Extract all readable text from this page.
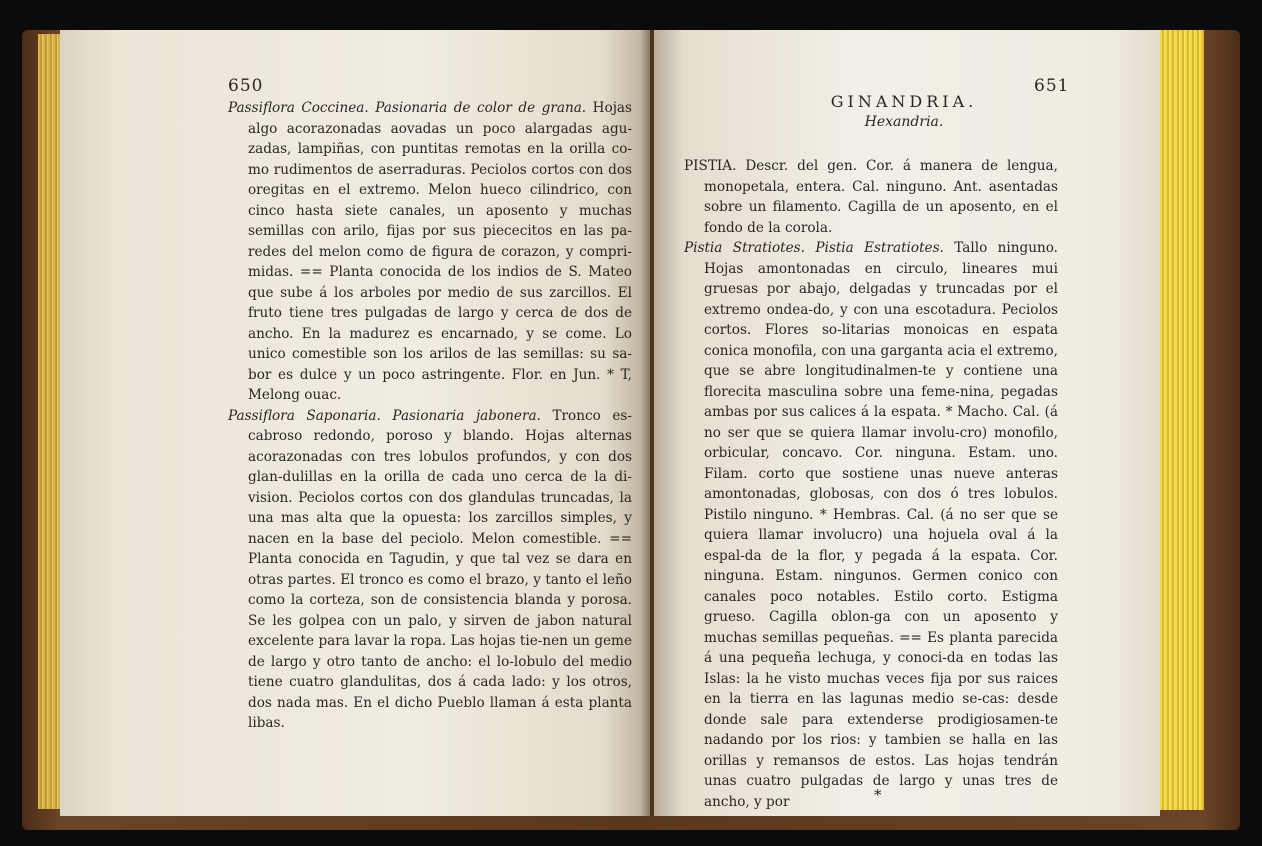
650

Passiflora Coccinea. Pasionaria de color de grana. Hojas algo acorazonadas aovadas un poco alargadas agu-zadas, lampiñas, con puntitas remotas en la orilla co-mo rudimentos de aserraduras. Peciolos cortos con dos oregitas en el extremo. Melon hueco cilindrico, con cinco hasta siete canales, un aposento y muchas semillas con arilo, fijas por sus piececitos en las pa-redes del melon como de figura de corazon, y compri-midas. == Planta conocida de los indios de S. Mateo que sube á los arboles por medio de sus zarcillos. El fruto tiene tres pulgadas de largo y cerca de dos de ancho. En la madurez es encarnado, y se come. Lo unico comestible son los arilos de las semillas: su sa-bor es dulce y un poco astringente. Flor. en Jun. * T, Melong ouac.

Passiflora Saponaria. Pasionaria jabonera. Tronco es-cabroso redondo, poroso y blando. Hojas alternas acorazonadas con tres lobulos profundos, y con dos glan-dulillas en la orilla de cada uno cerca de la di-vision. Peciolos cortos con dos glandulas truncadas, la una mas alta que la opuesta: los zarcillos simples, y nacen en la base del peciolo. Melon comestible. == Planta conocida en Tagudin, y que tal vez se dara en otras partes. El tronco es como el brazo, y tanto el leño como la corteza, son de consistencia blanda y porosa. Se les golpea con un palo, y sirven de jabon natural excelente para lavar la ropa. Las hojas tie-nen un geme de largo y otro tanto de ancho: el lo-lobulo del medio tiene cuatro glandulitas, dos á cada lado: y los otros, dos nada mas. En el dicho Pueblo llaman á esta planta libas.

651
GINANDRIA.
Hexandria.

PISTIA. Descr. del gen. Cor. á manera de lengua, monopetala, entera. Cal. ninguno. Ant. asentadas sobre un filamento. Cagilla de un aposento, en el fondo de la corola.

Pistia Stratiotes. Pistia Estratiotes. Tallo ninguno. Hojas amontonadas en circulo, lineares mui gruesas por abajo, delgadas y truncadas por el extremo ondea-do, y con una escotadura. Peciolos cortos. Flores so-litarias monoicas en espata conica monofila, con una garganta acia el extremo, que se abre longitudinalmen-te y contiene una florecita masculina sobre una feme-nina, pegadas ambas por sus calices á la espata. * Macho. Cal. (á no ser que se quiera llamar involu-cro) monofilo, orbicular, concavo. Cor. ninguna. Estam. uno. Filam. corto que sostiene unas nueve anteras amontonadas, globosas, con dos ó tres lobulos. Pistilo ninguno. * Hembras. Cal. (á no ser que se quiera llamar involucro) una hojuela oval á la espal-da de la flor, y pegada á la espata. Cor. ninguna. Estam. ningunos. Germen conico con canales poco notables. Estilo corto. Estigma grueso. Cagilla oblon-ga con un aposento y muchas semillas pequeñas. == Es planta parecida á una pequeña lechuga, y conoci-da en todas las Islas: la he visto muchas veces fija por sus raices en la tierra en las lagunas medio se-cas: desde donde sale para extenderse prodigiosamen-te nadando por los rios: y tambien se halla en las orillas y remansos de estos. Las hojas tendrán unas cuatro pulgadas de largo y unas tres de ancho, y por	*
